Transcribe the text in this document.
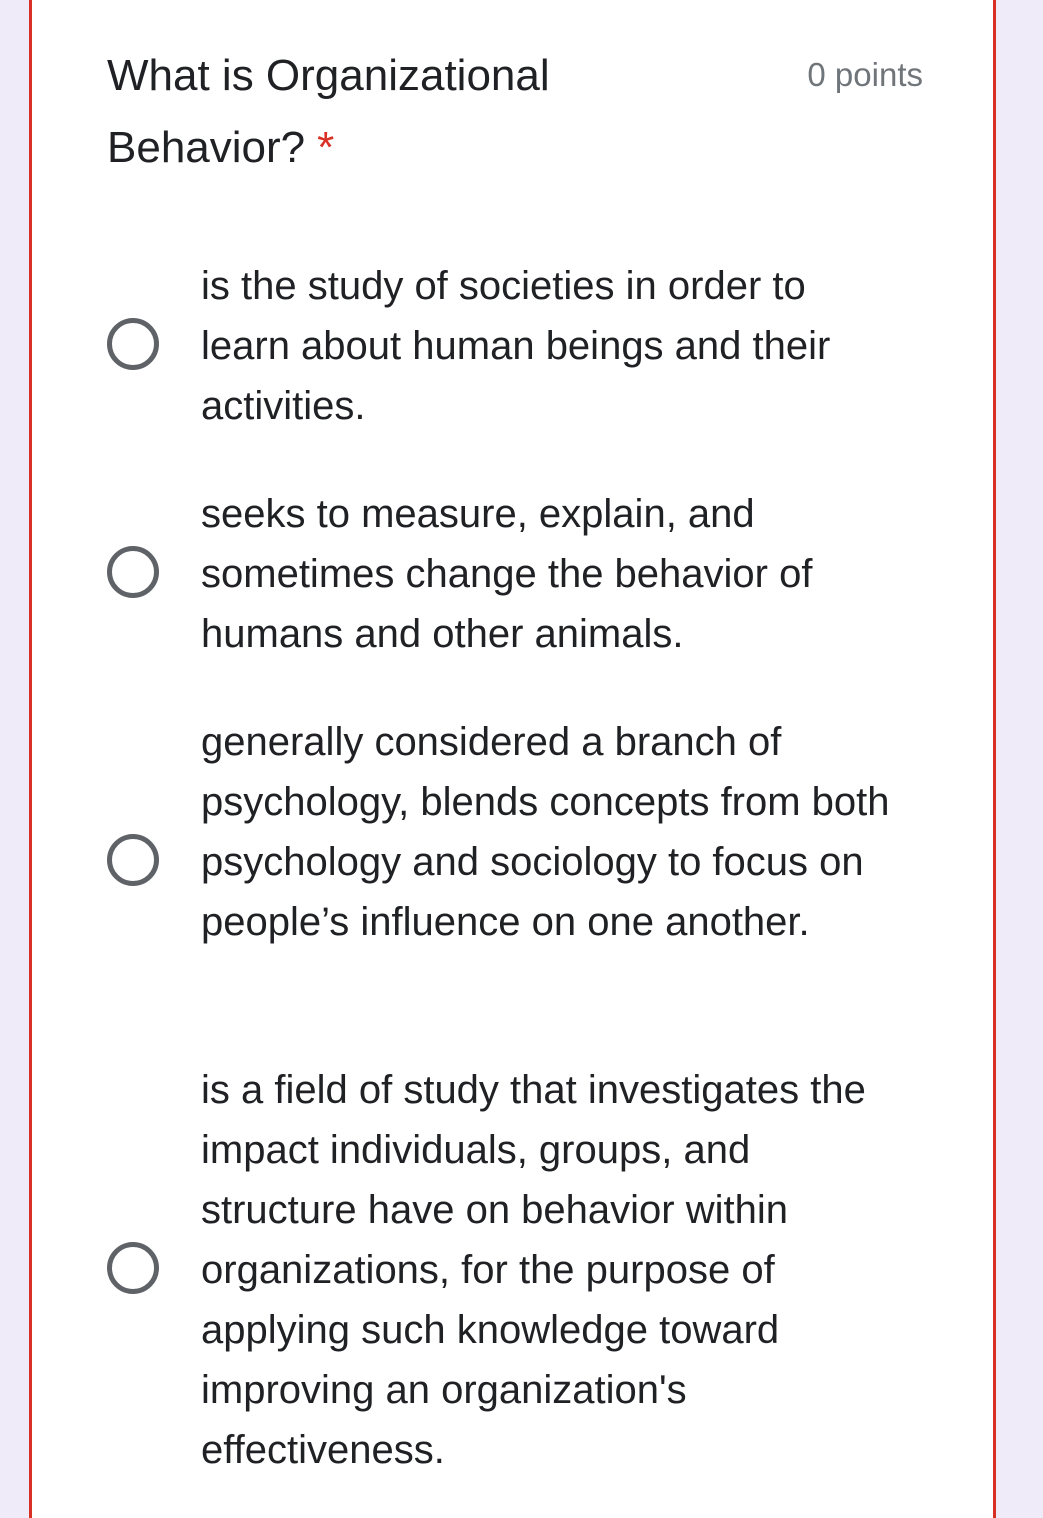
What is Organizational Behavior? *
0 points
is the study of societies in order to learn about human beings and their activities.
seeks to measure, explain, and sometimes change the behavior of humans and other animals.
generally considered a branch of psychology, blends concepts from both psychology and sociology to focus on people’s influence on one another.
is a field of study that investigates the impact individuals, groups, and structure have on behavior within organizations, for the purpose of applying such knowledge toward improving an organization's effectiveness.
